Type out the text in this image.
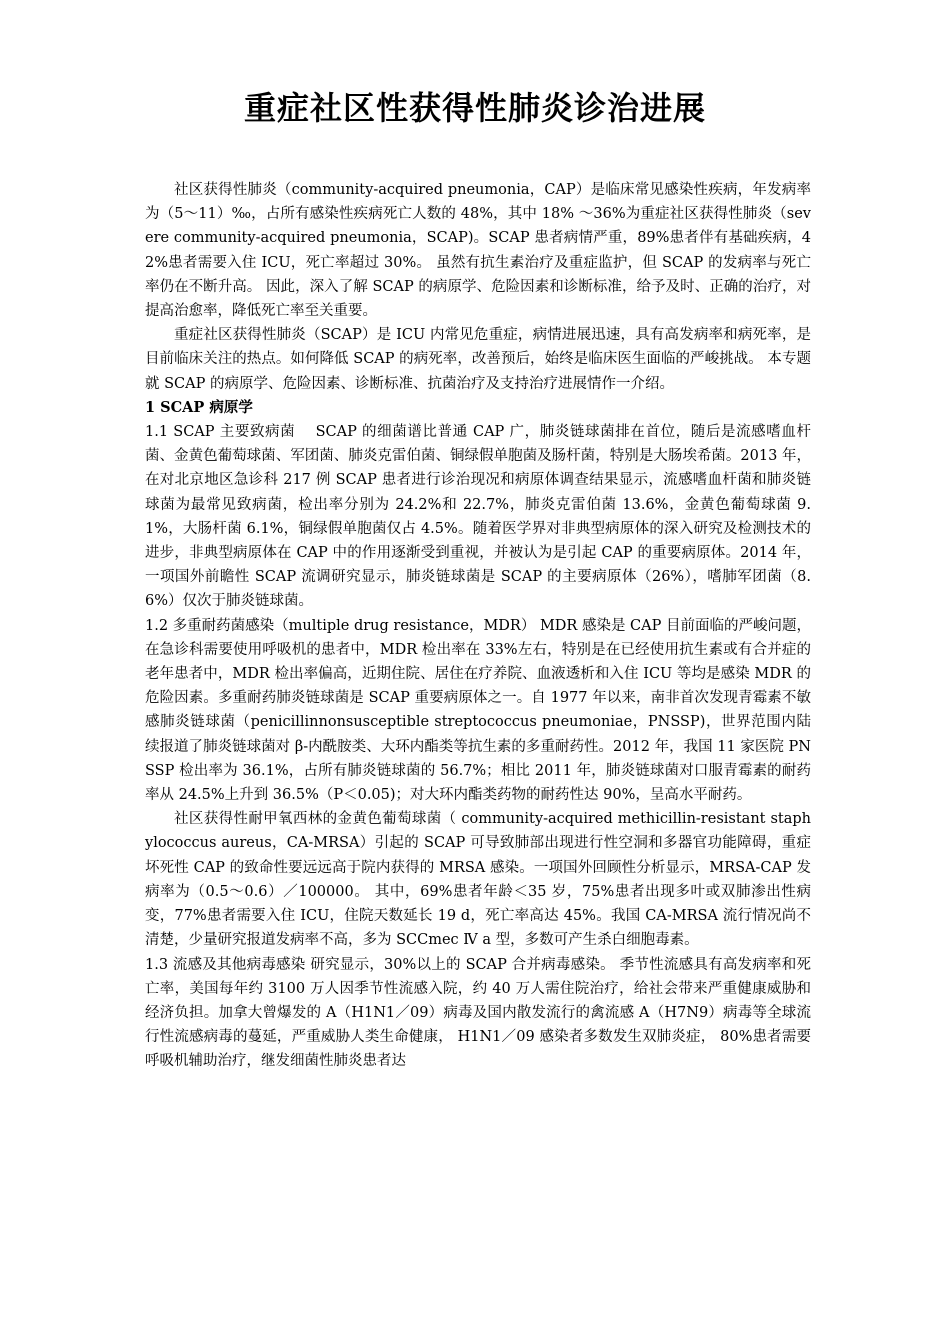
重症社区性获得性肺炎诊治进展

社区获得性肺炎（community-acquired pneumonia，CAP）是临床常见感染性疾病，年发病率为（5～11）‰，占所有感染性疾病死亡人数的 48%，其中 18% ～36%为重症社区获得性肺炎（severe community-acquired pneumonia，SCAP)。SCAP 患者病情严重，89%患者伴有基础疾病，42%患者需要入住 ICU，死亡率超过 30%。 虽然有抗生素治疗及重症监护，但 SCAP 的发病率与死亡率仍在不断升高。 因此，深入了解 SCAP 的病原学、危险因素和诊断标准，给予及时、正确的治疗，对提高治愈率，降低死亡率至关重要。

重症社区获得性肺炎（SCAP）是 ICU 内常见危重症，病情进展迅速，具有高发病率和病死率，是目前临床关注的热点。如何降低 SCAP 的病死率，改善预后，始终是临床医生面临的严峻挑战。 本专题就 SCAP 的病原学、危险因素、诊断标准、抗菌治疗及支持治疗进展情作一介绍。

1 SCAP 病原学

1.1 SCAP 主要致病菌　 SCAP 的细菌谱比普通 CAP 广，肺炎链球菌排在首位，随后是流感嗜血杆菌、金黄色葡萄球菌、军团菌、肺炎克雷伯菌、铜绿假单胞菌及肠杆菌，特别是大肠埃希菌。2013 年，在对北京地区急诊科 217 例 SCAP 患者进行诊治现况和病原体调查结果显示，流感嗜血杆菌和肺炎链球菌为最常见致病菌，检出率分别为 24.2%和 22.7%，肺炎克雷伯菌 13.6%，金黄色葡萄球菌 9.1%，大肠杆菌 6.1%，铜绿假单胞菌仅占 4.5%。随着医学界对非典型病原体的深入研究及检测技术的进步，非典型病原体在 CAP 中的作用逐渐受到重视，并被认为是引起 CAP 的重要病原体。2014 年，一项国外前瞻性 SCAP 流调研究显示，肺炎链球菌是 SCAP 的主要病原体（26%），嗜肺军团菌（8.6%）仅次于肺炎链球菌。

1.2 多重耐药菌感染（multiple drug resistance，MDR） MDR 感染是 CAP 目前面临的严峻问题，在急诊科需要使用呼吸机的患者中，MDR 检出率在 33%左右，特别是在已经使用抗生素或有合并症的老年患者中，MDR 检出率偏高，近期住院、居住在疗养院、血液透析和入住 ICU 等均是感染 MDR 的危险因素。多重耐药肺炎链球菌是 SCAP 重要病原体之一。自 1977 年以来，南非首次发现青霉素不敏感肺炎链球菌（penicillinnonsusceptible streptococcus pneumoniae，PNSSP)，世界范围内陆续报道了肺炎链球菌对 β-内酰胺类、大环内酯类等抗生素的多重耐药性。2012 年，我国 11 家医院 PNSSP 检出率为 36.1%，占所有肺炎链球菌的 56.7%；相比 2011 年，肺炎链球菌对口服青霉素的耐药率从 24.5%上升到 36.5%（P＜0.05)；对大环内酯类药物的耐药性达 90%，呈高水平耐药。

社区获得性耐甲氧西林的金黄色葡萄球菌（ community-acquired methicillin-resistant staphylococcus aureus，CA-MRSA）引起的 SCAP 可导致肺部出现进行性空洞和多器官功能障碍，重症坏死性 CAP 的致命性要远远高于院内获得的 MRSA 感染。一项国外回顾性分析显示，MRSA-CAP 发病率为（0.5～0.6）／100000。 其中，69%患者年龄＜35 岁，75%患者出现多叶或双肺渗出性病变，77%患者需要入住 ICU，住院天数延长 19 d，死亡率高达 45%。我国 CA-MRSA 流行情况尚不清楚，少量研究报道发病率不高，多为 SCCmec Ⅳ a 型，多数可产生杀白细胞毒素。

1.3 流感及其他病毒感染 研究显示，30%以上的 SCAP 合并病毒感染。 季节性流感具有高发病率和死亡率，美国每年约 3100 万人因季节性流感入院，约 40 万人需住院治疗，给社会带来严重健康威胁和经济负担。加拿大曾爆发的 A（H1N1／09）病毒及国内散发流行的禽流感 A（H7N9）病毒等全球流行性流感病毒的蔓延，严重威胁人类生命健康， H1N1／09 感染者多数发生双肺炎症， 80%患者需要呼吸机辅助治疗，继发细菌性肺炎患者达
